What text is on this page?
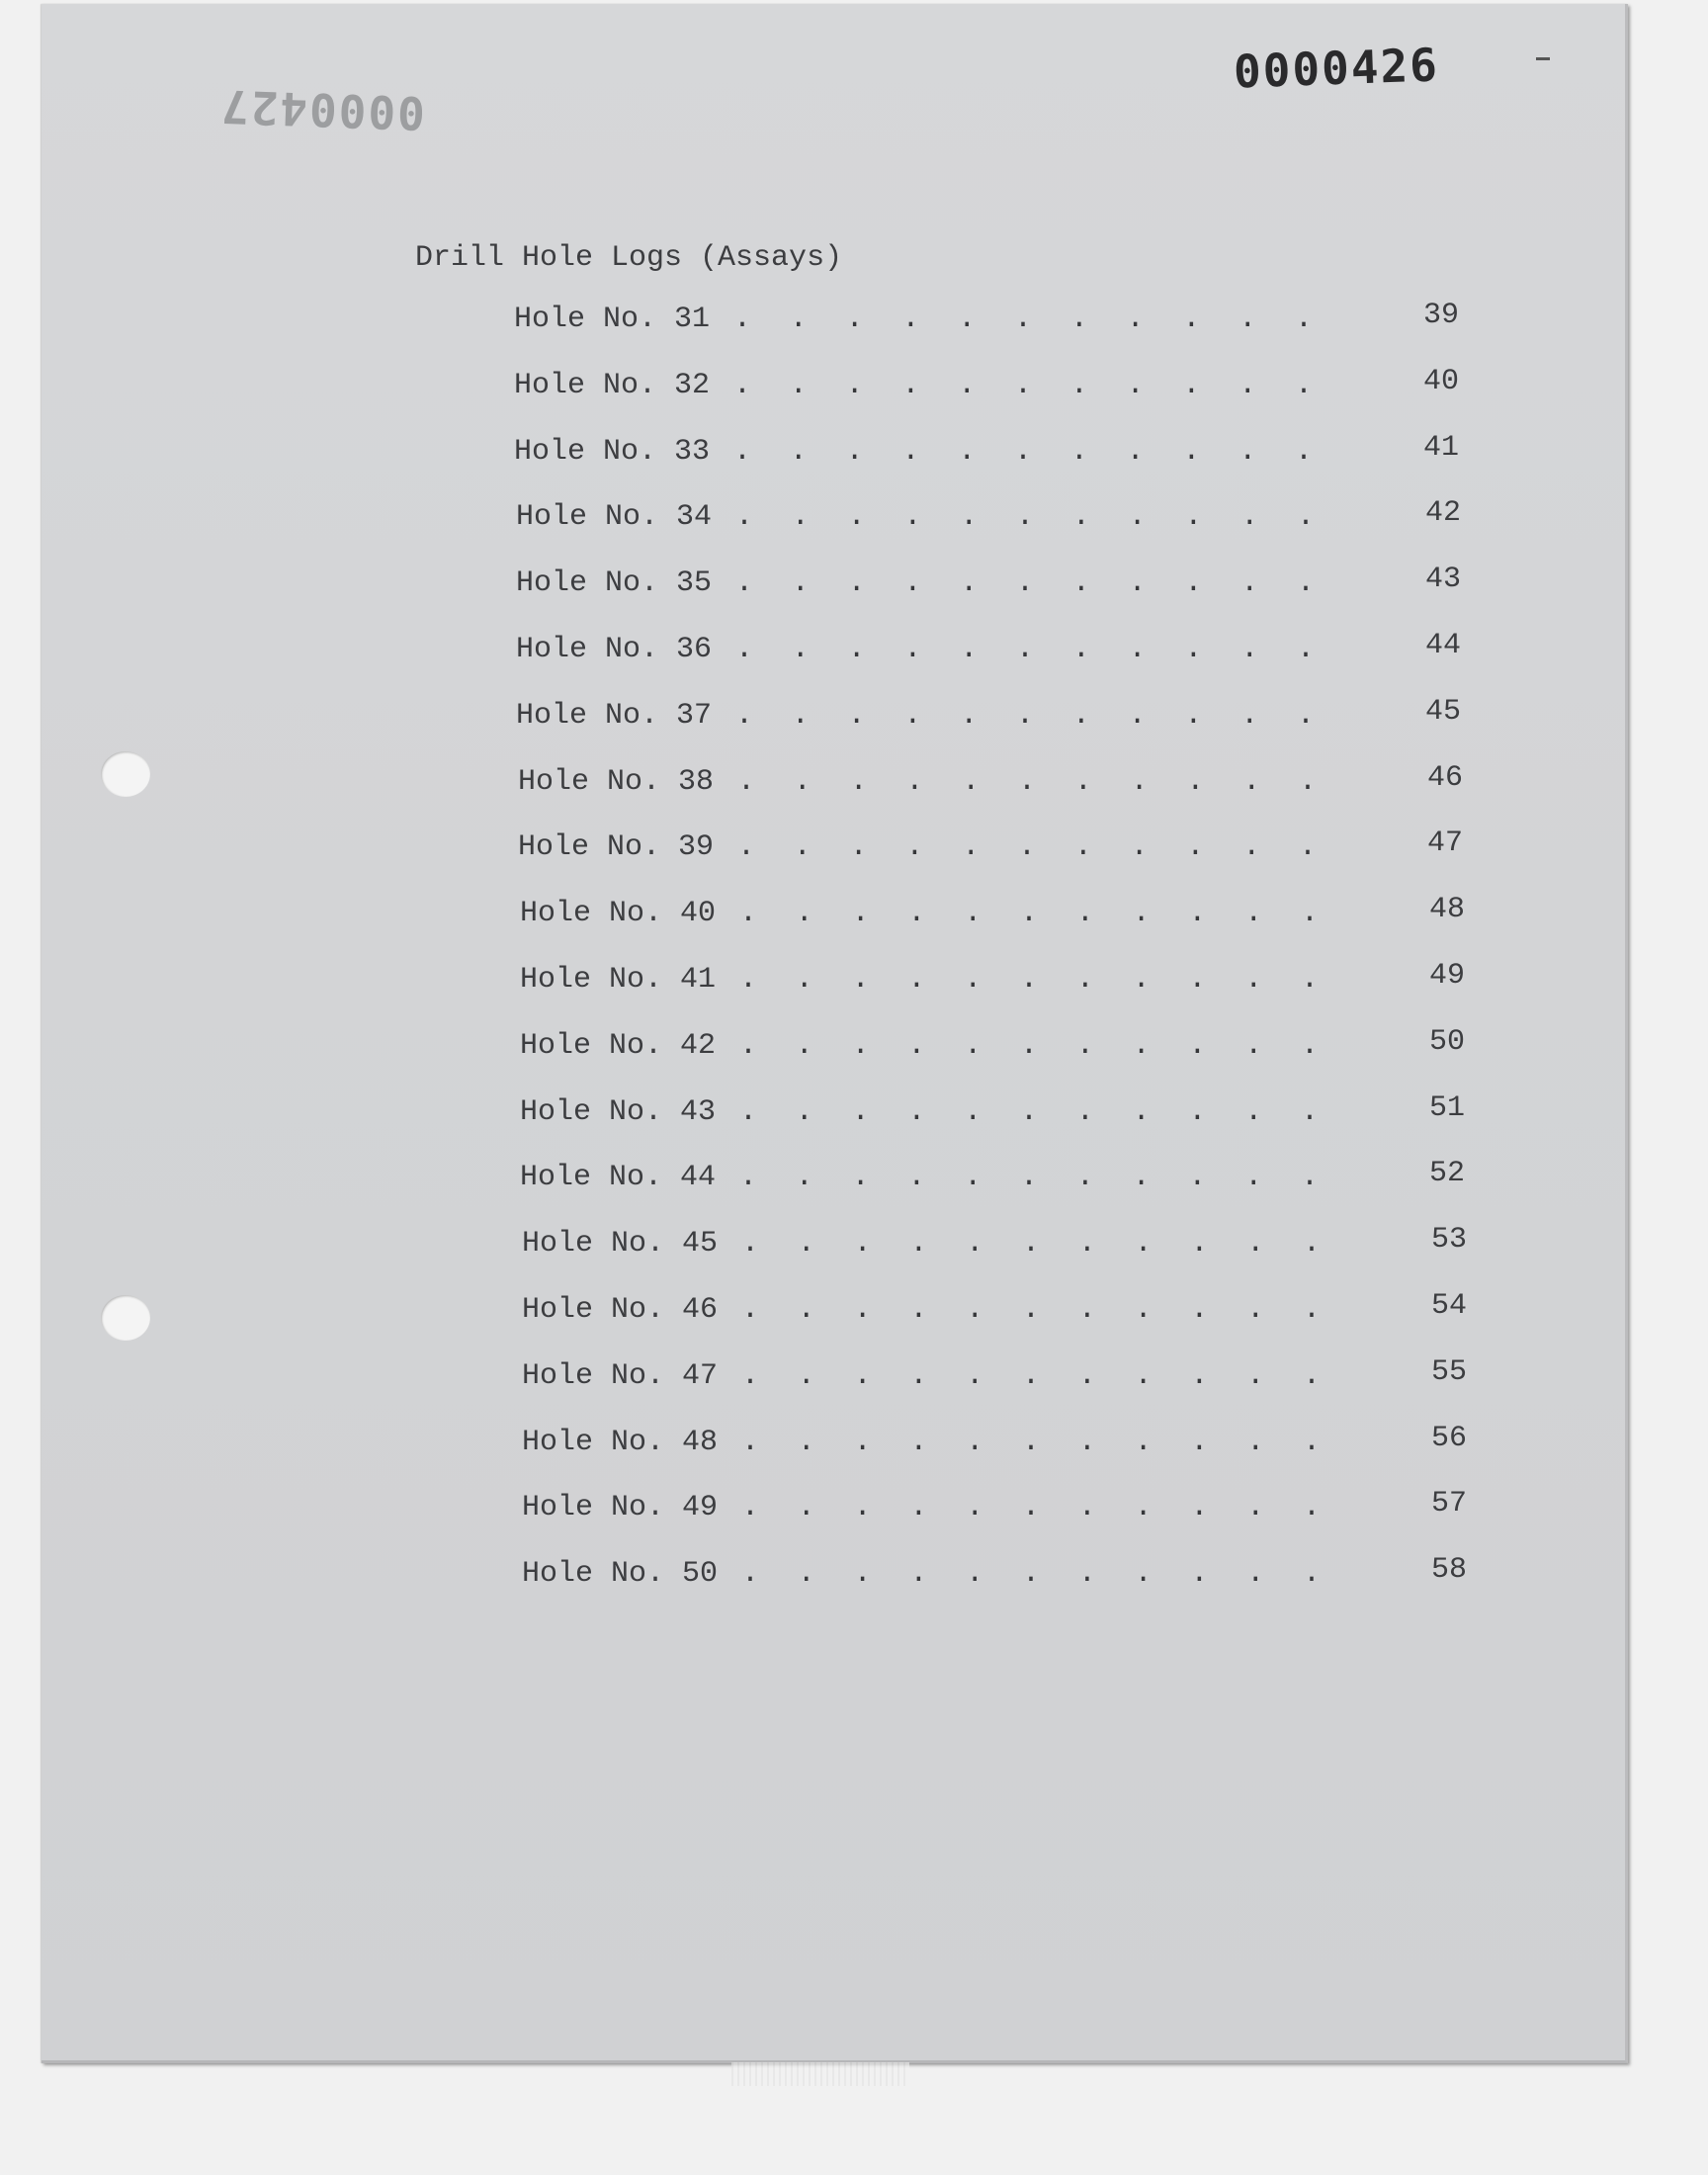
0000427
0000426
Drill Hole Logs (Assays)
Hole No. 31 ........... 39
Hole No. 32 ........... 40
Hole No. 33 ........... 41
Hole No. 34 ........... 42
Hole No. 35 ........... 43
Hole No. 36 ........... 44
Hole No. 37 ........... 45
Hole No. 38 ........... 46
Hole No. 39 ........... 47
Hole No. 40 ........... 48
Hole No. 41 ........... 49
Hole No. 42 ........... 50
Hole No. 43 ........... 51
Hole No. 44 ........... 52
Hole No. 45 ........... 53
Hole No. 46 ........... 54
Hole No. 47 ........... 55
Hole No. 48 ........... 56
Hole No. 49 ........... 57
Hole No. 50 ........... 58
